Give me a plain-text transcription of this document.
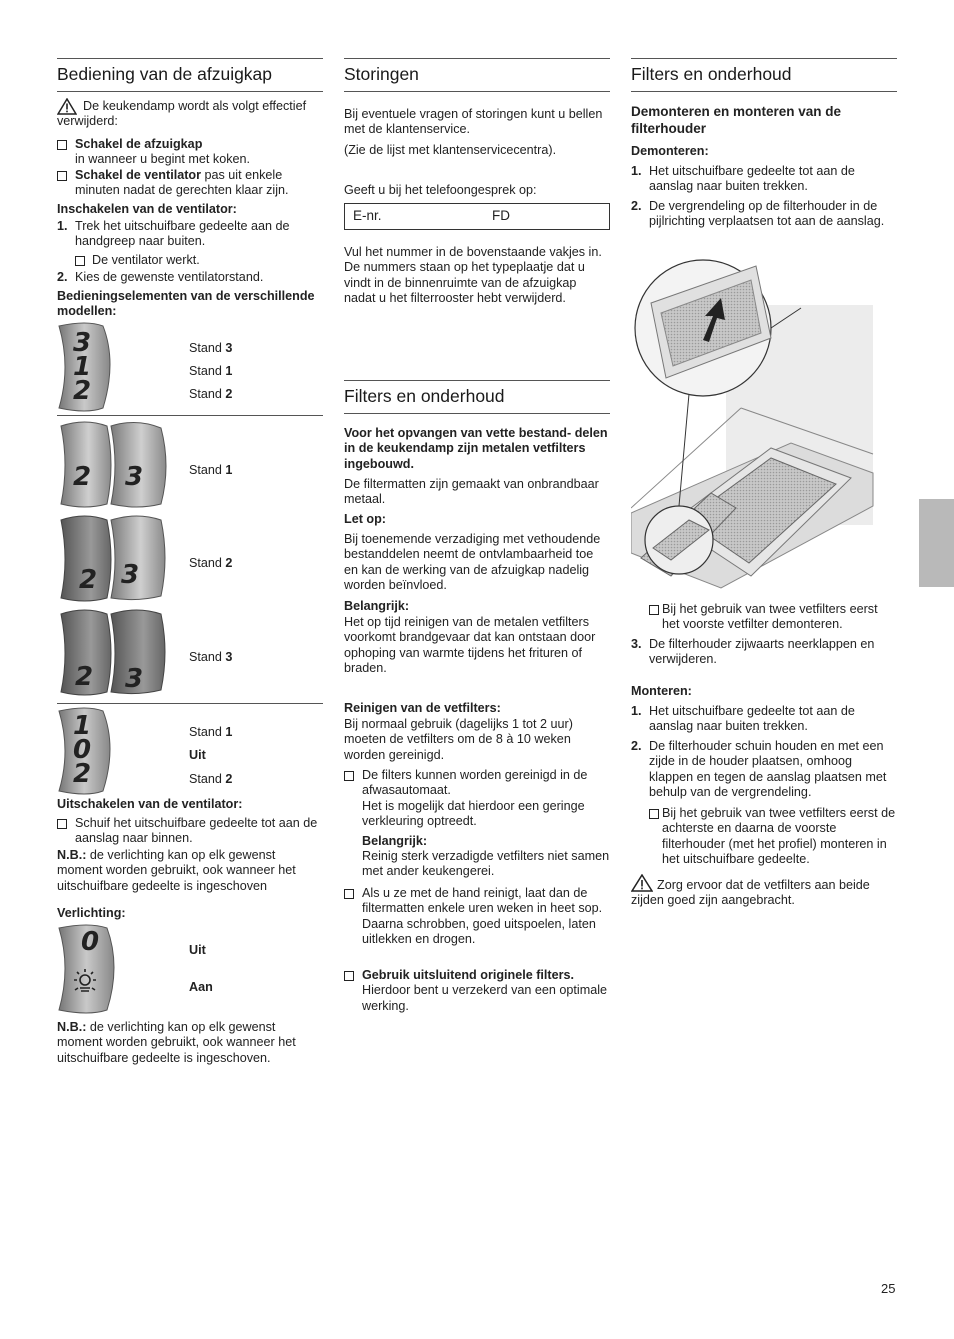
Bediening van de afzuigkap
De keukendamp wordt als volgt effectief verwijderd:
Schakel de afzuigkap
in wanneer u begint met koken.
Schakel de ventilator pas uit enkele minuten nadat de gerechten klaar zijn.
Inschakelen van de ventilator:
1. Trek het uitschuifbare gedeelte aan de handgreep naar buiten.
De ventilator werkt.
2. Kies de gewenste ventilatorstand.
Bedieningselementen van de verschillende modellen:
3
1
2
Stand 3
Stand 1
Stand 2
2 3
2 3
2 3
Stand 1
Stand 2
Stand 3
1
0
2
Stand 1
Uit
Stand 2
Uitschakelen van de ventilator:
Schuif het uitschuifbare gedeelte tot aan de aanslag naar binnen.
N.B.: de verlichting kan op elk gewenst moment worden gebruikt, ook wanneer het uitschuifbare gedeelte is ingeschoven
Verlichting:
0	Uit
Aan
N.B.: de verlichting kan op elk gewenst moment worden gebruikt, ook wanneer het uitschuifbare gedeelte is ingeschoven.
Storingen
Bij eventuele vragen of storingen kunt u bellen met de klantenservice.
(Zie de lijst met klantenservicecentra).
Geeft u bij het telefoongesprek op:
E-nr.	FD
Vul het nummer in de bovenstaande vakjes in. De nummers staan op het typeplaatje dat u vindt in de binnenruimte van de afzuigkap nadat u het filterrooster hebt verwijderd.
Filters en onderhoud
Voor het opvangen van vette bestand- delen in de keukendamp zijn metalen vetfilters ingebouwd.
De filtermatten zijn gemaakt van onbrandbaar metaal.
Let op:
Bij toenemende verzadiging met vethoudende bestanddelen neemt de ontvlambaarheid toe en kan de werking van de afzuigkap nadelig worden beïnvloed.
Belangrijk:
Het op tijd reinigen van de metalen vetfilters voorkomt brandgevaar dat kan ontstaan door ophoping van warmte tijdens het frituren of braden.
Reinigen van de vetfilters:
Bij normaal gebruik (dagelijks 1 tot 2 uur) moeten de vetfilters om de 8 à 10 weken worden gereinigd.
De filters kunnen worden gereinigd in de afwasautomaat.
Het is mogelijk dat hierdoor een geringe verkleuring optreedt.
Belangrijk:
Reinig sterk verzadigde vetfilters niet samen met ander keukengerei.
Als u ze met de hand reinigt, laat dan de filtermatten enkele uren weken in heet sop.
Daarna schrobben, goed uitspoelen, laten uitlekken en drogen.
Gebruik uitsluitend originele filters.
Hierdoor bent u verzekerd van een optimale werking.
Filters en onderhoud
Demonteren en monteren van de filterhouder
Demonteren:
1. Het uitschuifbare gedeelte tot aan de aanslag naar buiten trekken.
2. De vergrendeling op de filterhouder in de pijlrichting verplaatsen tot aan de aanslag.
Bij het gebruik van twee vetfilters eerst het voorste vetfilter demonteren.
3. De filterhouder zijwaarts neerklappen en verwijderen.
Monteren:
1. Het uitschuifbare gedeelte tot aan de aanslag naar buiten trekken.
2. De filterhouder schuin houden en met een zijde in de houder plaatsen, omhoog klappen en tegen de aanslag plaatsen met behulp van de vergrendeling.
Bij het gebruik van twee vetfilters eerst de achterste en daarna de voorste filterhouder (met het profiel) monteren in het uitschuifbare gedeelte.
Zorg ervoor dat de vetfilters aan beide zijden goed zijn aangebracht.
25
